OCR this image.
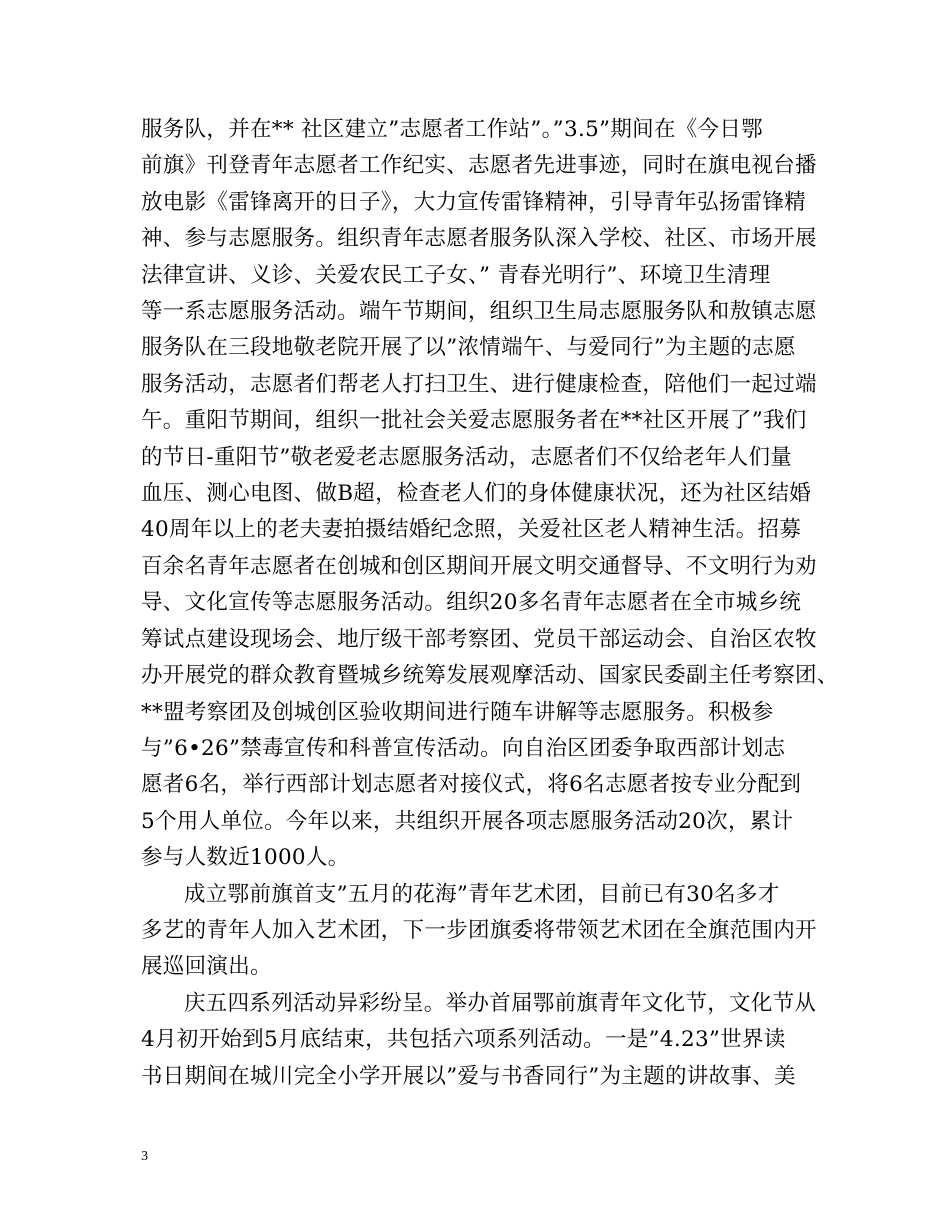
服务队，并在** 社区建立”志愿者工作站”。”3.5”期间在《今日鄂
前旗》刊登青年志愿者工作纪实、志愿者先进事迹，同时在旗电视台播
放电影《雷锋离开的日子》，大力宣传雷锋精神，引导青年弘扬雷锋精
神、参与志愿服务。组织青年志愿者服务队深入学校、社区、市场开展
法律宣讲、义诊、关爱农民工子女、” 青春光明行”、环境卫生清理
等一系志愿服务活动。端午节期间，组织卫生局志愿服务队和敖镇志愿
服务队在三段地敬老院开展了以”浓情端午、与爱同行”为主题的志愿
服务活动，志愿者们帮老人打扫卫生、进行健康检查，陪他们一起过端
午。重阳节期间，组织一批社会关爱志愿服务者在**社区开展了”我们
的节日-重阳节”敬老爱老志愿服务活动，志愿者们不仅给老年人们量
血压、测心电图、做B超，检查老人们的身体健康状况，还为社区结婚
40周年以上的老夫妻拍摄结婚纪念照，关爱社区老人精神生活。招募
百余名青年志愿者在创城和创区期间开展文明交通督导、不文明行为劝
导、文化宣传等志愿服务活动。组织20多名青年志愿者在全市城乡统
筹试点建设现场会、地厅级干部考察团、党员干部运动会、自治区农牧
办开展党的群众教育暨城乡统筹发展观摩活动、国家民委副主任考察团、
**盟考察团及创城创区验收期间进行随车讲解等志愿服务。积极参
与”6•26”禁毒宣传和科普宣传活动。向自治区团委争取西部计划志
愿者6名，举行西部计划志愿者对接仪式，将6名志愿者按专业分配到
5个用人单位。今年以来，共组织开展各项志愿服务活动20次，累计
参与人数近1000人。

成立鄂前旗首支”五月的花海”青年艺术团，目前已有30名多才
多艺的青年人加入艺术团，下一步团旗委将带领艺术团在全旗范围内开
展巡回演出。

庆五四系列活动异彩纷呈。举办首届鄂前旗青年文化节，文化节从
4月初开始到5月底结束，共包括六项系列活动。一是”4.23”世界读
书日期间在城川完全小学开展以”爱与书香同行”为主题的讲故事、美

3
